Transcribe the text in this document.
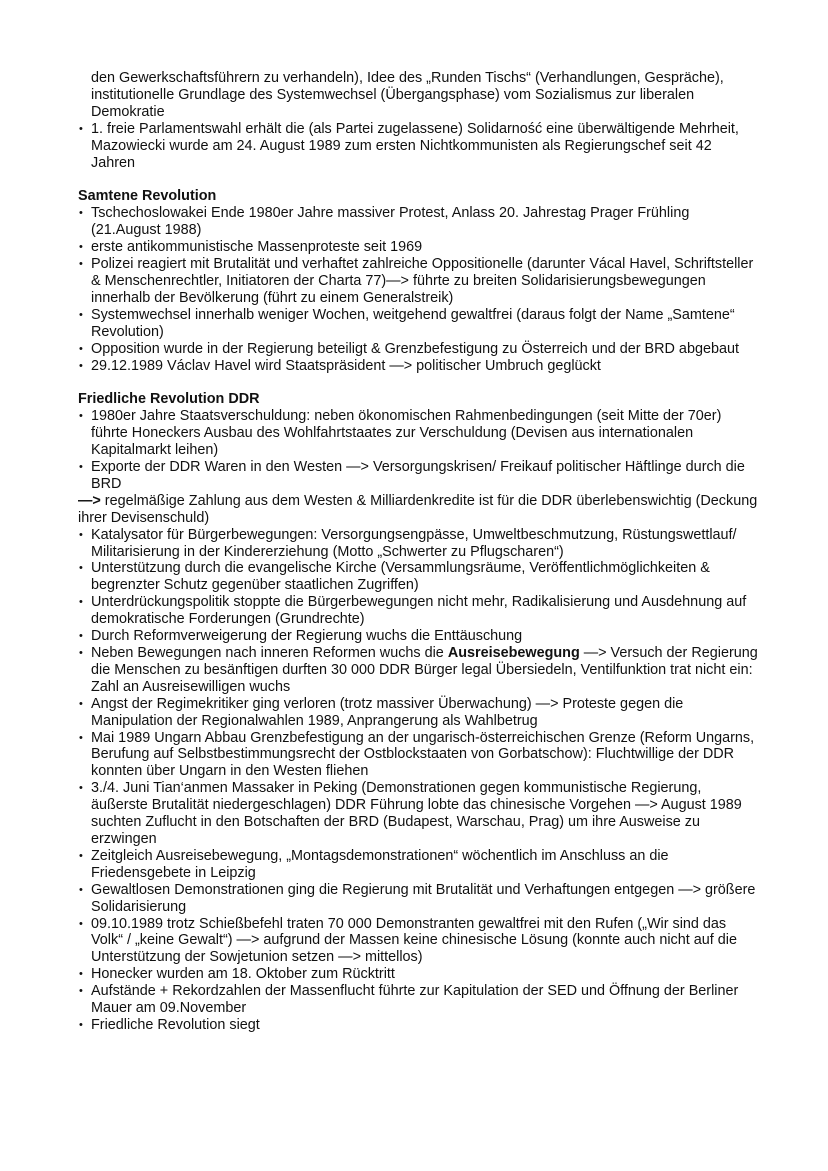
den Gewerkschaftsführern zu verhandeln), Idee des „Runden Tischs“ (Verhandlungen, Gespräche), institutionelle Grundlage des Systemwechsel (Übergangsphase) vom Sozialismus zur liberalen Demokratie

• 1. freie Parlamentswahl erhält die (als Partei zugelassene) Solidarność eine überwältigende Mehrheit, Mazowiecki wurde am 24. August 1989 zum ersten Nichtkommunisten als Regierungschef seit 42 Jahren
Samtene Revolution
• Tschechoslowakei Ende 1980er Jahre massiver Protest, Anlass 20. Jahrestag Prager Frühling (21.August 1988)
• erste antikommunistische Massenproteste seit 1969
• Polizei reagiert mit Brutalität und verhaftet zahlreiche Oppositionelle (darunter Vácal Havel, Schriftsteller & Menschenrechtler, Initiatoren der Charta 77)—> führte zu breiten Solidarisierungsbewegungen innerhalb der Bevölkerung (führt zu einem Generalstreik)
• Systemwechsel innerhalb weniger Wochen, weitgehend gewaltfrei (daraus folgt der Name „Samtene“ Revolution)
• Opposition wurde in der Regierung beteiligt & Grenzbefestigung zu Österreich und der BRD abgebaut
• 29.12.1989 Václav Havel wird Staatspräsident —> politischer Umbruch geglückt
Friedliche Revolution DDR
• 1980er Jahre Staatsverschuldung: neben ökonomischen Rahmenbedingungen (seit Mitte der 70er) führte Honeckers Ausbau des Wohlfahrtstaates zur Verschuldung (Devisen aus internationalen Kapitalmarkt leihen)
• Exporte der DDR Waren in den Westen —> Versorgungskrisen/ Freikauf politischer Häftlinge durch die BRD

—> regelmäßige Zahlung aus dem Westen & Milliardenkredite ist für die DDR überlebenswichtig (Deckung ihrer Devisenschuld)

• Katalysator für Bürgerbewegungen: Versorgungsengpässe, Umweltbeschmutzung, Rüstungswettlauf/ Militarisierung in der Kindererziehung (Motto „Schwerter zu Pflugscharen“)
• Unterstützung durch die evangelische Kirche (Versammlungsräume, Veröffentlichmöglichkeiten & begrenzter Schutz gegenüber staatlichen Zugriffen)
• Unterdrückungspolitik stoppte die Bürgerbewegungen nicht mehr, Radikalisierung und Ausdehnung auf demokratische Forderungen (Grundrechte)
• Durch Reformverweigerung der Regierung wuchs die Enttäuschung
• Neben Bewegungen nach inneren Reformen wuchs die Ausreisebewegung —> Versuch der Regierung die Menschen zu besänftigen durften 30 000 DDR Bürger legal Übersiedeln, Ventilfunktion trat nicht ein: Zahl an Ausreisewilligen wuchs
• Angst der Regimekritiker ging verloren (trotz massiver Überwachung) —> Proteste gegen die Manipulation der Regionalwahlen 1989, Anprangerung als Wahlbetrug
• Mai 1989 Ungarn Abbau Grenzbefestigung an der ungarisch-österreichischen Grenze (Reform Ungarns, Berufung auf Selbstbestimmungsrecht der Ostblockstaaten von Gorbatschow): Fluchtwillige der DDR konnten über Ungarn in den Westen fliehen
• 3./4. Juni Tian‘anmen Massaker in Peking (Demonstrationen gegen kommunistische Regierung, äußerste Brutalität niedergeschlagen) DDR Führung lobte das chinesische Vorgehen —> August 1989 suchten Zuflucht in den Botschaften der BRD (Budapest, Warschau, Prag) um ihre Ausweise zu erzwingen
• Zeitgleich Ausreisebewegung, „Montagsdemonstrationen“ wöchentlich im Anschluss an die Friedensgebete in Leipzig
• Gewaltlosen Demonstrationen ging die Regierung mit Brutalität und Verhaftungen entgegen —> größere Solidarisierung
• 09.10.1989 trotz Schießbefehl traten 70 000 Demonstranten gewaltfrei mit den Rufen („Wir sind das Volk“ / „keine Gewalt“) —> aufgrund der Massen keine chinesische Lösung (konnte auch nicht auf die Unterstützung der Sowjetunion setzen —> mittellos)
• Honecker wurden am 18. Oktober zum Rücktritt
• Aufstände + Rekordzahlen der Massenflucht führte zur Kapitulation der SED und Öffnung der Berliner Mauer am 09.November
• Friedliche Revolution siegt
